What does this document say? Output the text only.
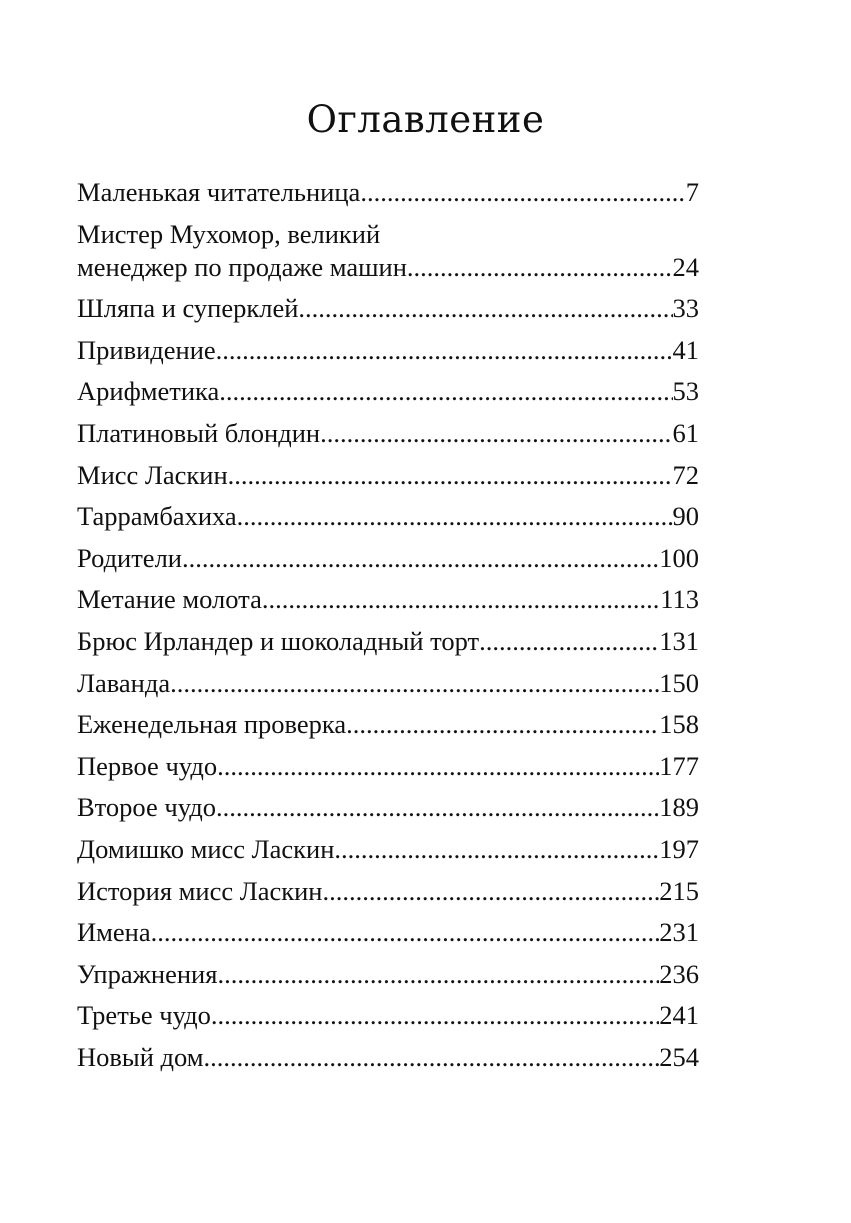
Оглавление
Маленькая читательница .....	7
Мистер Мухомор, великий
менеджер по продаже машин .....	24
Шляпа и суперклей .....	33
Привидение .....	41
Арифметика .....	53
Платиновый блондин .....	61
Мисс Ласкин .....	72
Таррамбахиха .....	90
Родители .....	100
Метание молота .....	113
Брюс Ирландер и шоколадный торт .....	131
Лаванда .....	150
Еженедельная проверка .....	158
Первое чудо .....	177
Второе чудо .....	189
Домишко мисс Ласкин .....	197
История мисс Ласкин .....	215
Имена .....	231
Упражнения .....	236
Третье чудо .....	241
Новый дом .....	254
